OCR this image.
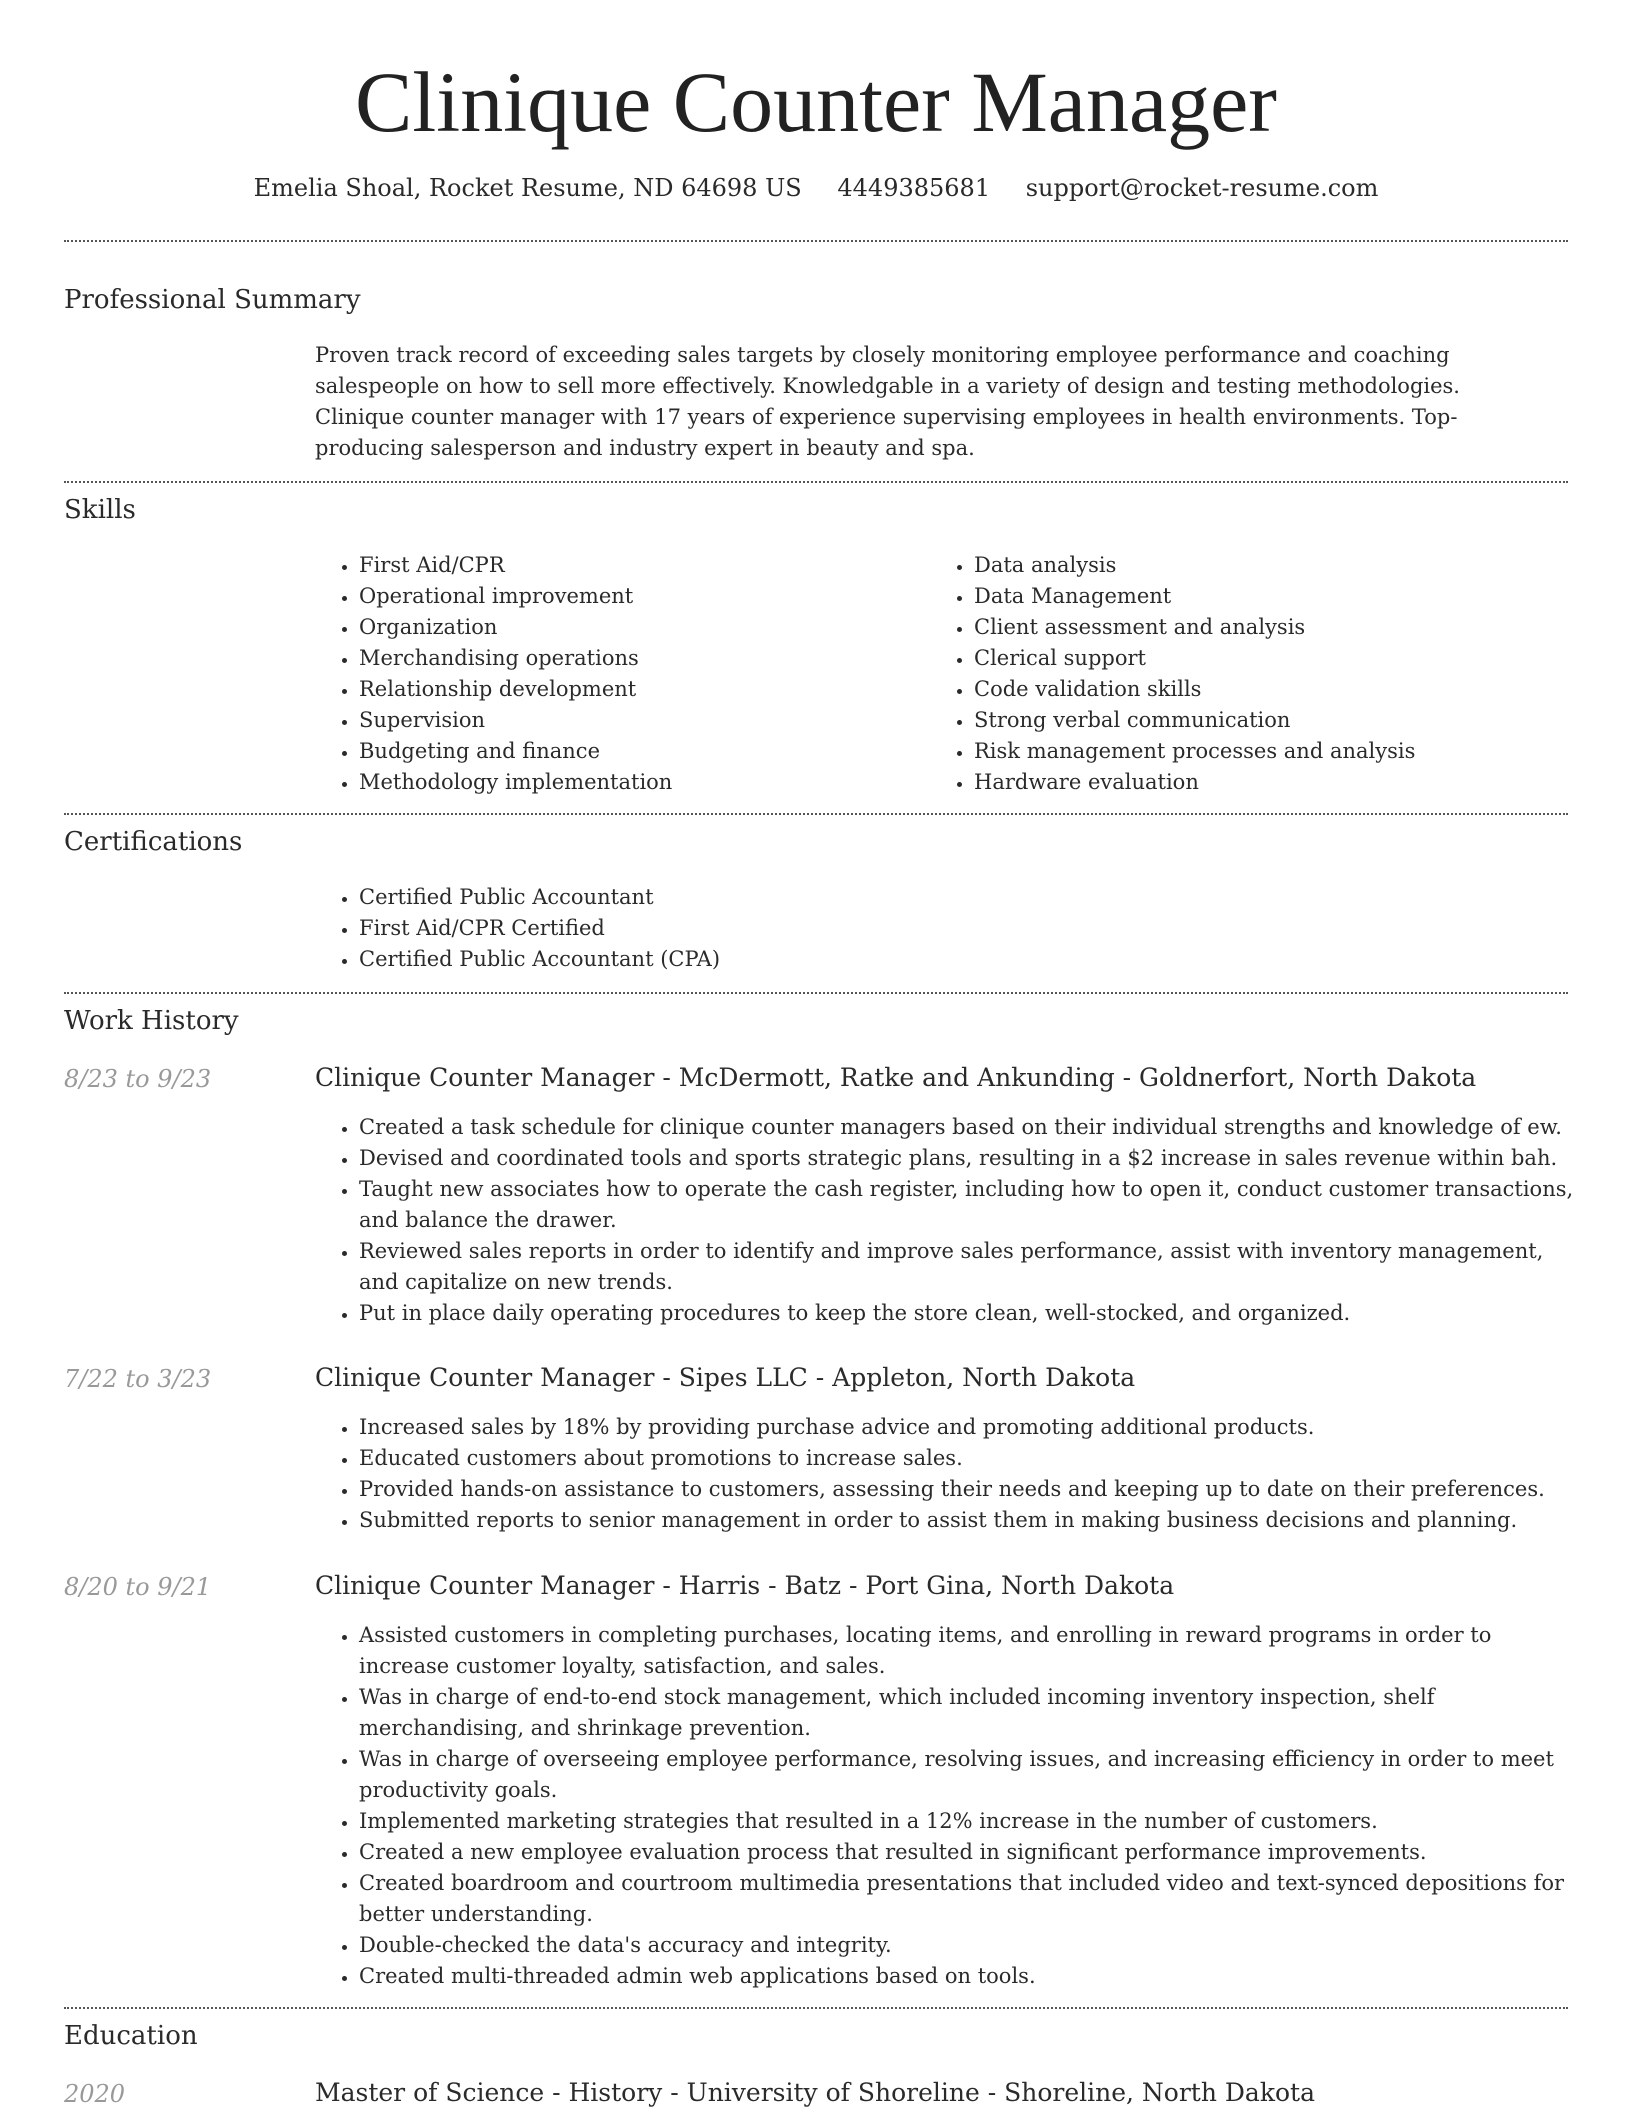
Clinique Counter Manager
Emelia Shoal, Rocket Resume, ND 64698 US 4449385681 support@rocket-resume.com
Professional Summary
Proven track record of exceeding sales targets by closely monitoring employee performance and coaching salespeople on how to sell more effectively. Knowledgable in a variety of design and testing methodologies. Clinique counter manager with 17 years of experience supervising employees in health environments. Top-producing salesperson and industry expert in beauty and spa.
Skills
• First Aid/CPR
• Operational improvement
• Organization
• Merchandising operations
• Relationship development
• Supervision
• Budgeting and finance
• Methodology implementation
• Data analysis
• Data Management
• Client assessment and analysis
• Clerical support
• Code validation skills
• Strong verbal communication
• Risk management processes and analysis
• Hardware evaluation
Certifications
• Certified Public Accountant
• First Aid/CPR Certified
• Certified Public Accountant (CPA)
Work History
8/23 to 9/23	Clinique Counter Manager - McDermott, Ratke and Ankunding - Goldnerfort, North Dakota
• Created a task schedule for clinique counter managers based on their individual strengths and knowledge of ew.
• Devised and coordinated tools and sports strategic plans, resulting in a $2 increase in sales revenue within bah.
• Taught new associates how to operate the cash register, including how to open it, conduct customer transactions, and balance the drawer.
• Reviewed sales reports in order to identify and improve sales performance, assist with inventory management, and capitalize on new trends.
• Put in place daily operating procedures to keep the store clean, well-stocked, and organized.
7/22 to 3/23	Clinique Counter Manager - Sipes LLC - Appleton, North Dakota
• Increased sales by 18% by providing purchase advice and promoting additional products.
• Educated customers about promotions to increase sales.
• Provided hands-on assistance to customers, assessing their needs and keeping up to date on their preferences.
• Submitted reports to senior management in order to assist them in making business decisions and planning.
8/20 to 9/21	Clinique Counter Manager - Harris - Batz - Port Gina, North Dakota
• Assisted customers in completing purchases, locating items, and enrolling in reward programs in order to increase customer loyalty, satisfaction, and sales.
• Was in charge of end-to-end stock management, which included incoming inventory inspection, shelf merchandising, and shrinkage prevention.
• Was in charge of overseeing employee performance, resolving issues, and increasing efficiency in order to meet productivity goals.
• Implemented marketing strategies that resulted in a 12% increase in the number of customers.
• Created a new employee evaluation process that resulted in significant performance improvements.
• Created boardroom and courtroom multimedia presentations that included video and text-synced depositions for better understanding.
• Double-checked the data's accuracy and integrity.
• Created multi-threaded admin web applications based on tools.
Education
2020	Master of Science - History - University of Shoreline - Shoreline, North Dakota
